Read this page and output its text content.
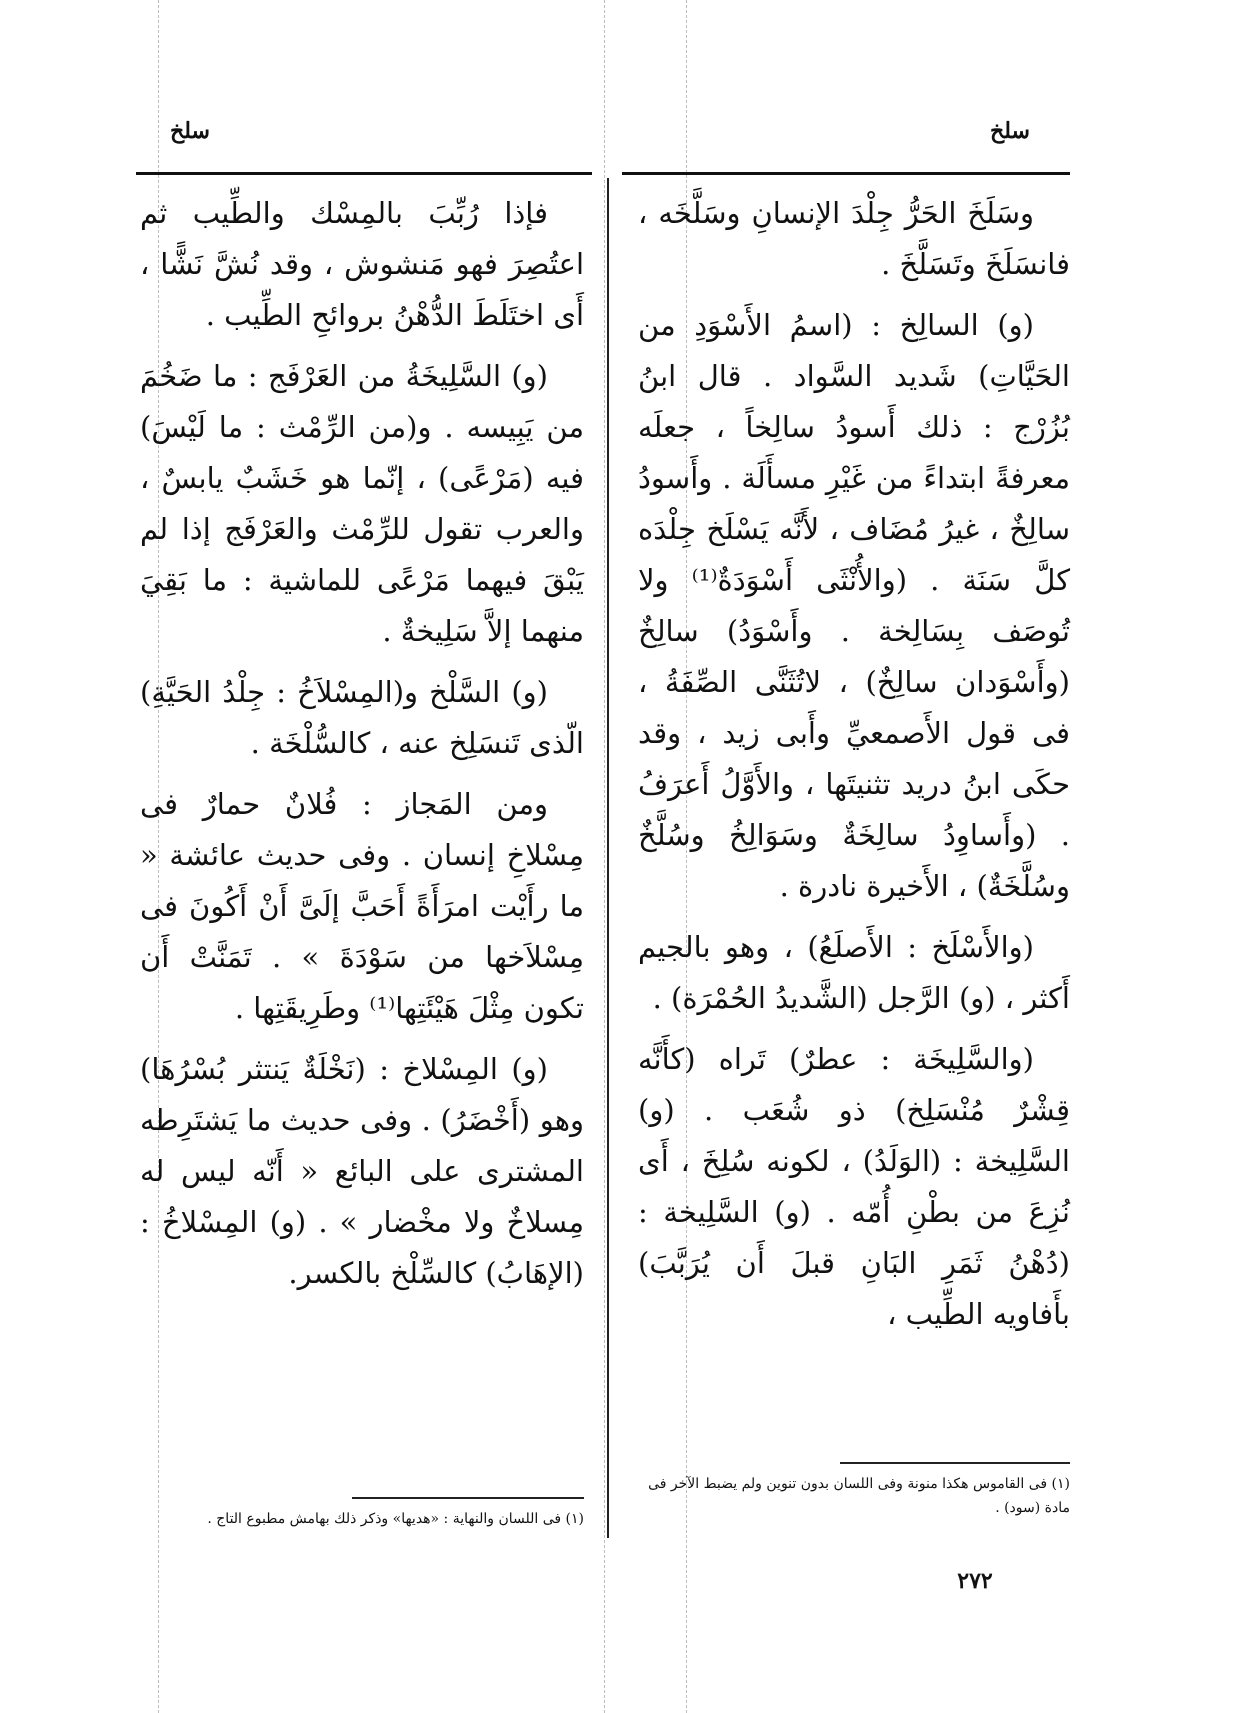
سلخ
سلخ

وسَلَخَ الحَرُّ جِلْدَ الإنسانِ وسَلَّخَه ، فانسَلَخَ وتَسَلَّخَ .

(و) السالِخ : (اسمُ الأَسْوَدِ من الحَيَّاتِ) شَديد السَّواد . قال ابنُ بُزُرْج : ذلك أَسودُ سالِخاً ، جعلَه معرفةً ابتداءً من غَيْرِ مسأَلَة . وأَسودُ سالِخٌ ، غيرُ مُضَاف ، لأَنَّه يَسْلَخ جِلْدَه كلَّ سَنَة . (والأُنْثَى أَسْوَدَةٌ⁽¹⁾ ولا تُوصَف بِسَالِخة . وأَسْوَدُ) سالِخٌ (وأَسْوَدان سالِخٌ) ، لاتُثَنَّى الصِّفَةُ ، فى قول الأَصمعيِّ وأَبى زيد ، وقد حكَى ابنُ دريد تثنيتَها ، والأَوَّلُ أَعرَفُ . (وأَساوِدُ سالِخَةٌ وسَوَالِخُ وسُلَّخٌ وسُلَّخَةٌ) ، الأَخيرة نادرة .

(والأَسْلَخ : الأَصلَعُ) ، وهو بالجيم أَكثر ، (و) الرَّجل (الشَّديدُ الحُمْرَة) .

(والسَّلِيخَة : عطرٌ) تَراه (كأَنَّه قِشْرٌ مُنْسَلِخ) ذو شُعَب . (و) السَّلِيخة : (الوَلَدُ) ، لكونه سُلِخَ ، أَى نُزِعَ من بطْنِ أُمّه . (و) السَّلِيخة : (دُهْنُ ثَمَرِ البَانِ قبلَ أَن يُرَبَّبَ) بأَفاويه الطِّيب ،

فإذا رُبِّبَ بالمِسْك والطِّيب ثم اعتُصِرَ فهو مَنشوش ، وقد نُشَّ نَشًّا ، أَى اختَلَطَ الدُّهْنُ بروائحِ الطِّيب .

(و) السَّلِيخَةُ من العَرْفَج : ما ضَخُمَ من يَبِيسه . و(من الرِّمْث : ما لَيْسَ) فيه (مَرْعًى) ، إنّما هو خَشَبٌ يابسٌ ، والعرب تقول للرِّمْث والعَرْفَج إذا لم يَبْقَ فيهما مَرْعًى للماشية : ما بَقِيَ منهما إلاَّ سَلِيخةٌ .

(و) السَّلْخ و(المِسْلاَخُ : جِلْدُ الحَيَّةِ) الّذى تَنسَلِخ عنه ، كالسُّلْخَة .

ومن المَجاز : فُلانٌ حمارٌ فى مِسْلاخِ إنسان . وفى حديث عائشة « ما رأَيْت امرَأَةً أَحَبَّ إلَىَّ أَنْ أَكُونَ فى مِسْلاَخها من سَوْدَةَ » . تَمَنَّتْ أَن تكون مِثْلَ هَيْئَتِها⁽¹⁾ وطَرِيقَتِها .

(و) المِسْلاخ : (نَخْلَةٌ يَنتثر بُسْرُهَا) وهو (أَخْضَرُ) . وفى حديث ما يَشتَرِطه المشترى على البائع « أَنّه ليس له مِسلاخٌ ولا مخْضار » . (و) المِسْلاخُ : (الإهَابُ) كالسِّلْخ بالكسر.

(١) فى القاموس هكذا منونة وفى اللسان بدون تنوين ولم يضبط الآخر فى مادة (سود) .
(١) فى اللسان والنهاية : «هديها» وذكر ذلك بهامش مطبوع التاج .
٢٧٢
